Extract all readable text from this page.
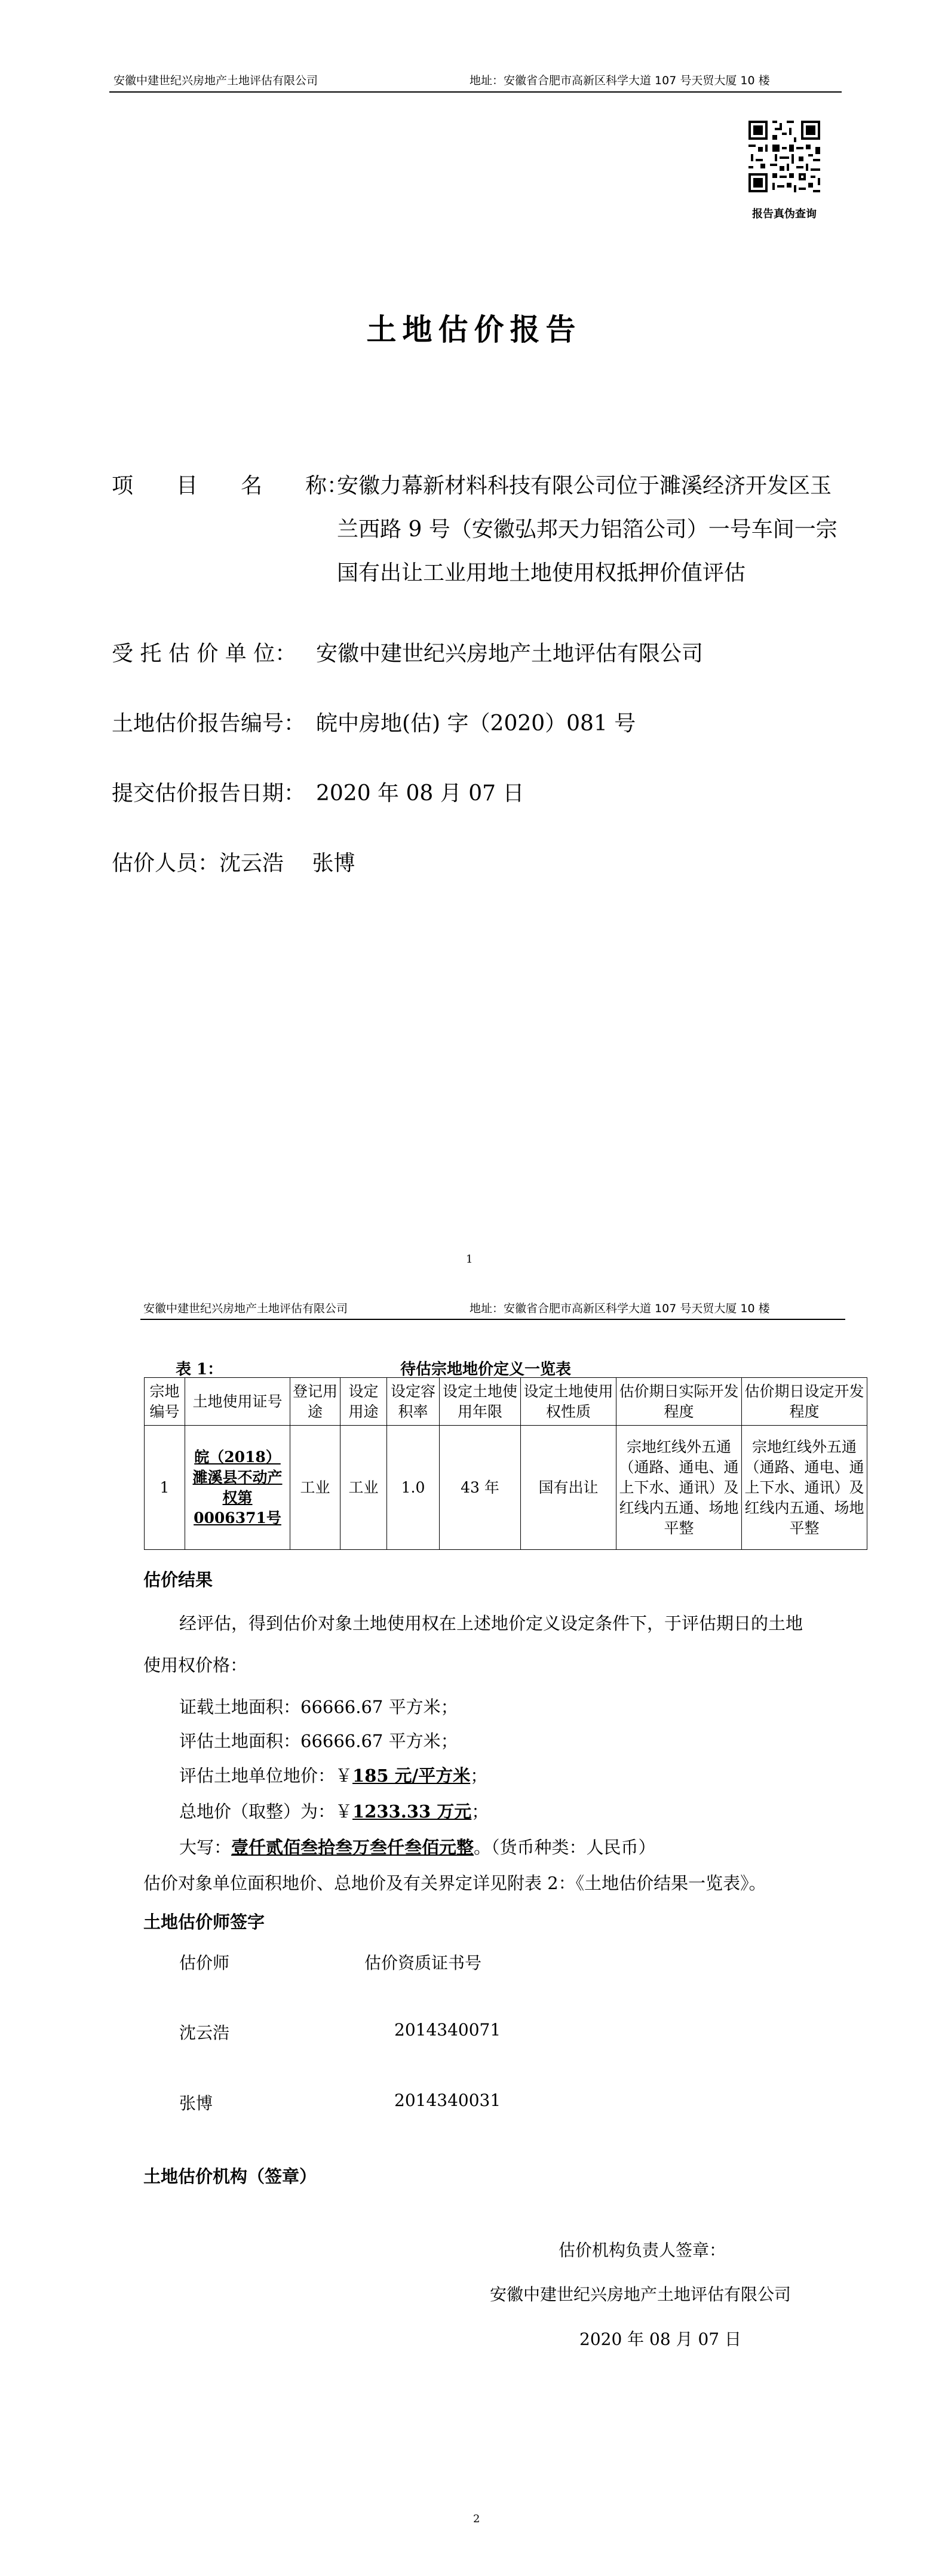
安徽中建世纪兴房地产土地评估有限公司	地址：安徽省合肥市高新区科学大道 107 号天贸大厦 10 楼
报告真伪查询
土地估价报告
项　　目　　名　　称：
安徽力幕新材料科技有限公司位于濉溪经济开发区玉
兰西路 9 号（安徽弘邦天力铝箔公司）一号车间一宗
国有出让工业用地土地使用权抵押价值评估
受 托 估 价 单 位： 安徽中建世纪兴房地产土地评估有限公司
土地估价报告编号： 皖中房地(估) 字（2020）081 号
提交估价报告日期： 2020 年 08 月 07 日
估价人员： 沈云浩　 张博
1
安徽中建世纪兴房地产土地评估有限公司	地址：安徽省合肥市高新区科学大道 107 号天贸大厦 10 楼
表 1：	待估宗地地价定义一览表
宗地编号	土地使用证号	登记用途	设定用途	设定容积率	设定土地使用年限	设定土地使用权性质	估价期日实际开发程度	估价期日设定开发程度
1	皖（2018）濉溪县不动产权第0006371号	工业	工业	1.0	43 年	国有出让	宗地红线外五通（通路、通电、通上下水、通讯）及红线内五通、场地平整	宗地红线外五通（通路、通电、通上下水、通讯）及红线内五通、场地平整
估价结果
经评估，得到估价对象土地使用权在上述地价定义设定条件下，于评估期日的土地
使用权价格：
证载土地面积：66666.67 平方米；
评估土地面积：66666.67 平方米；
评估土地单位地价：￥185 元/平方米；
总地价（取整）为：￥1233.33 万元；
大写：壹仟贰佰叁拾叁万叁仟叁佰元整。（货币种类：人民币）
估价对象单位面积地价、总地价及有关界定详见附表 2：《土地估价结果一览表》。
土地估价师签字
估价师	估价资质证书号
沈云浩	2014340071
张博	2014340031
土地估价机构（签章）
估价机构负责人签章：
安徽中建世纪兴房地产土地评估有限公司
2020 年 08 月 07 日
2
